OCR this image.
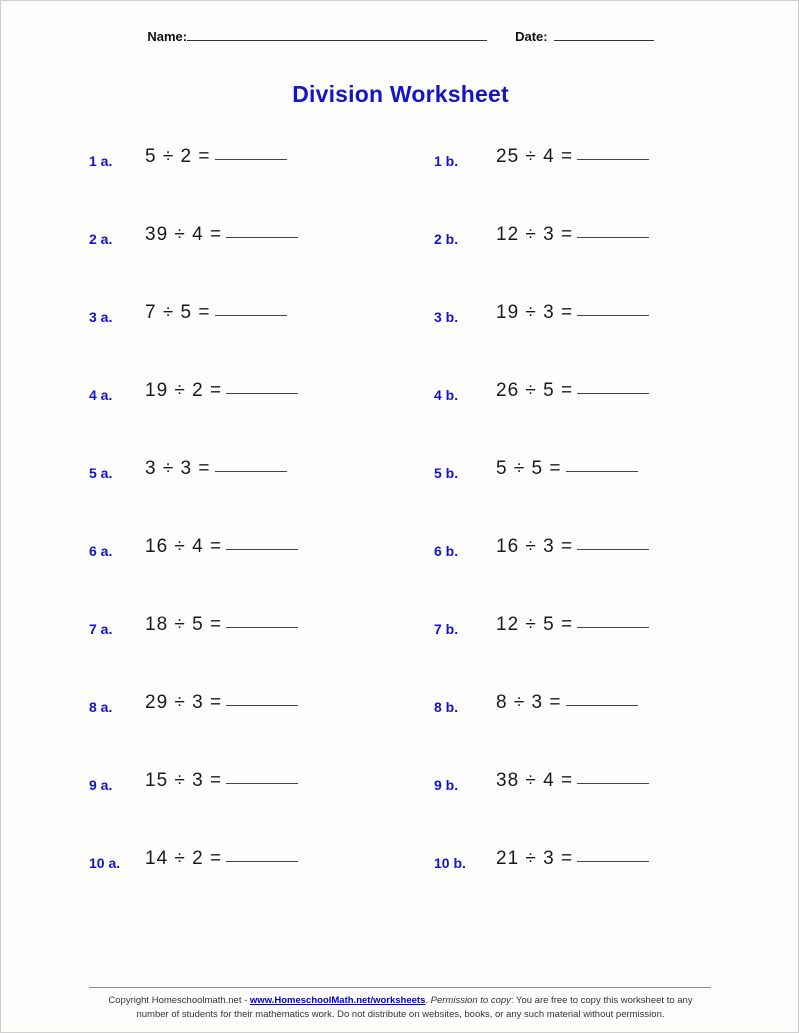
Name:	Date:
Division Worksheet
1 a.	5 ÷ 2 =	1 b.	25 ÷ 4 =
2 a.	39 ÷ 4 =	2 b.	12 ÷ 3 =
3 a.	7 ÷ 5 =	3 b.	19 ÷ 3 =
4 a.	19 ÷ 2 =	4 b.	26 ÷ 5 =
5 a.	3 ÷ 3 =	5 b.	5 ÷ 5 =
6 a.	16 ÷ 4 =	6 b.	16 ÷ 3 =
7 a.	18 ÷ 5 =	7 b.	12 ÷ 5 =
8 a.	29 ÷ 3 =	8 b.	8 ÷ 3 =
9 a.	15 ÷ 3 =	9 b.	38 ÷ 4 =
10 a.	14 ÷ 2 =	10 b.	21 ÷ 3 =
Copyright Homeschoolmath.net - www.HomeschoolMath.net/worksheets. Permission to copy: You are free to copy this worksheet to any
number of students for their mathematics work. Do not distribute on websites, books, or any such material without permission.
